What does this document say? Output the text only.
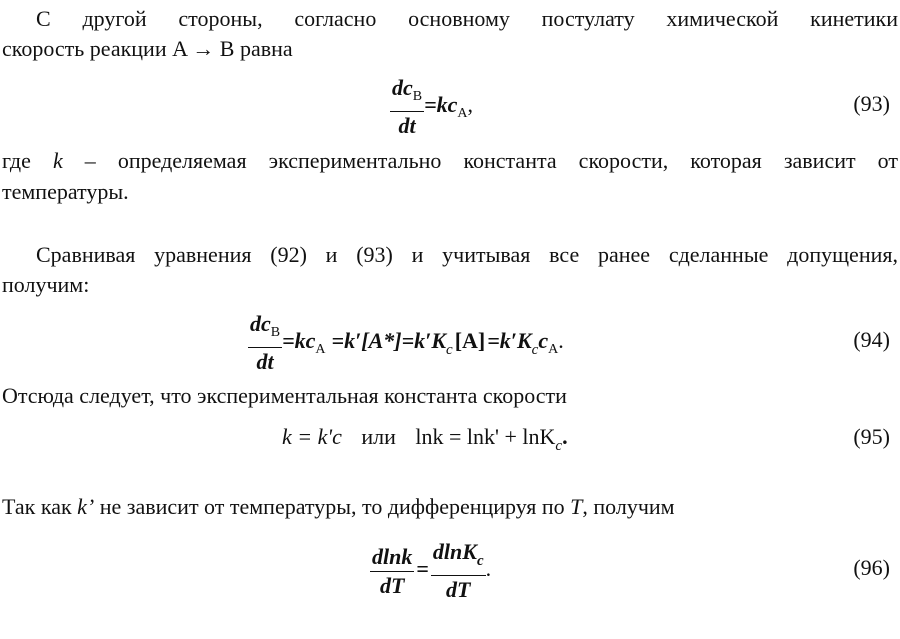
С другой стороны, согласно основному постулату химической кинетики
скорость реакции A → B равна
$\frac{dc_B}{dt} =kc_A$,	(93)
где k – определяемая экспериментально константа скорости, которая зависит от
температуры.
Сравнивая уравнения (92) и (93) и учитывая все ранее сделанные допущения,
получим:
$\frac{dc_B}{dt} =kc_A =k'[A*]=k'K_c[A]=k'K_cc_A$.	(94)
Отсюда следует, что экспериментальная константа скорости
k = k'c или lnk = lnk' + lnK$_c$.	(95)
Так как k’ не зависит от температуры, то дифференцируя по T, получим
$\frac{dlnk}{dT} = \frac{dlnK_c}{dT}$ .	(96)
